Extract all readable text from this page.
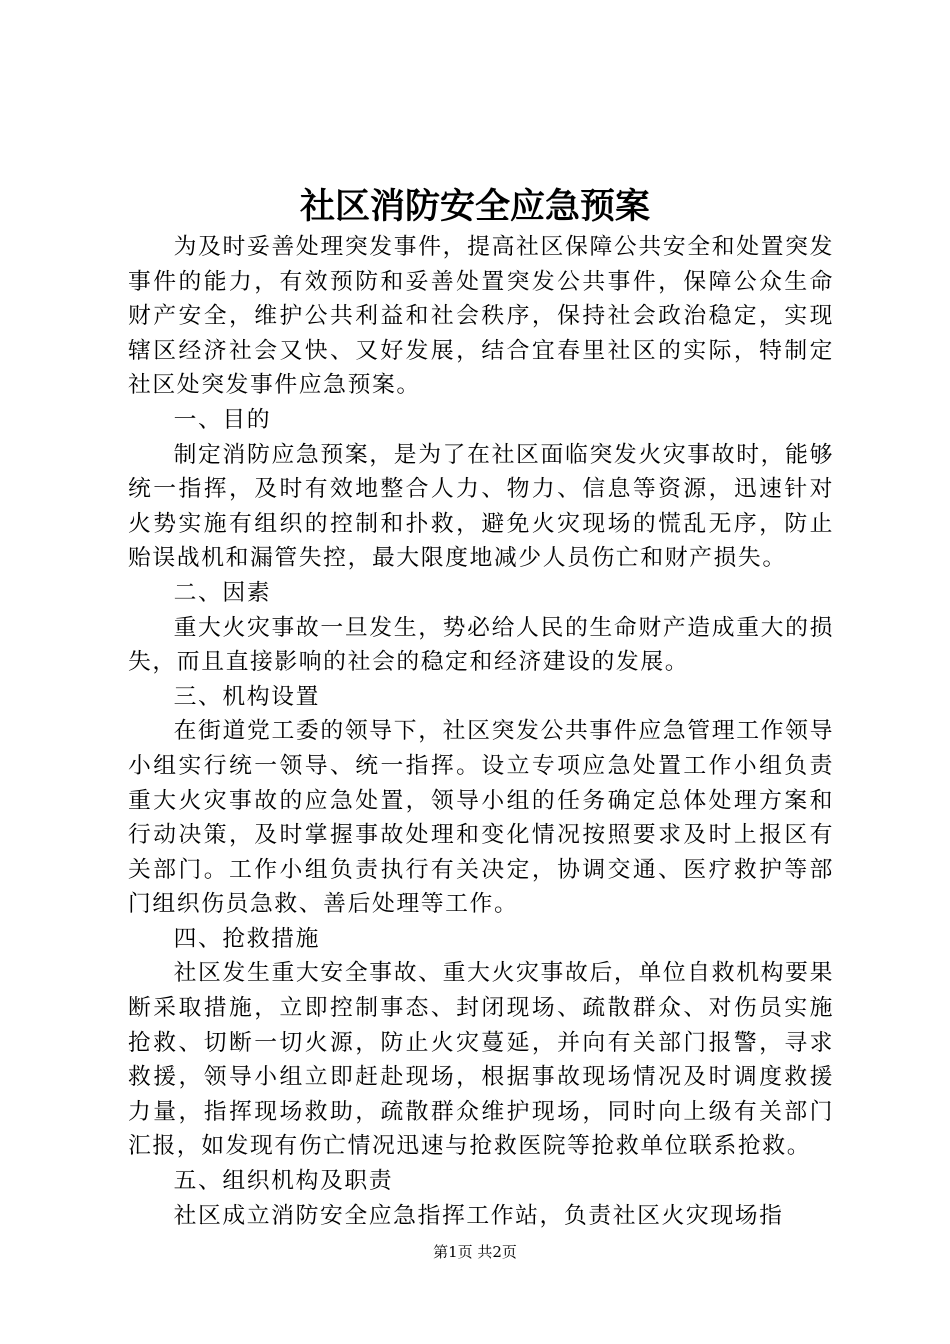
社区消防安全应急预案

为及时妥善处理突发事件，提高社区保障公共安全和处置突发事件的能力，有效预防和妥善处置突发公共事件，保障公众生命财产安全，维护公共利益和社会秩序，保持社会政治稳定，实现辖区经济社会又快、又好发展，结合宜春里社区的实际，特制定社区处突发事件应急预案。

一、目的

制定消防应急预案，是为了在社区面临突发火灾事故时，能够统一指挥，及时有效地整合人力、物力、信息等资源，迅速针对火势实施有组织的控制和扑救，避免火灾现场的慌乱无序，防止贻误战机和漏管失控，最大限度地减少人员伤亡和财产损失。

二、因素

重大火灾事故一旦发生，势必给人民的生命财产造成重大的损失，而且直接影响的社会的稳定和经济建设的发展。

三、机构设置

在街道党工委的领导下，社区突发公共事件应急管理工作领导小组实行统一领导、统一指挥。设立专项应急处置工作小组负责重大火灾事故的应急处置，领导小组的任务确定总体处理方案和行动决策，及时掌握事故处理和变化情况按照要求及时上报区有关部门。工作小组负责执行有关决定，协调交通、医疗救护等部门组织伤员急救、善后处理等工作。

四、抢救措施

社区发生重大安全事故、重大火灾事故后，单位自救机构要果断采取措施，立即控制事态、封闭现场、疏散群众、对伤员实施抢救、切断一切火源，防止火灾蔓延，并向有关部门报警，寻求救援，领导小组立即赶赴现场，根据事故现场情况及时调度救援力量，指挥现场救助，疏散群众维护现场，同时向上级有关部门汇报，如发现有伤亡情况迅速与抢救医院等抢救单位联系抢救。

五、组织机构及职责

社区成立消防安全应急指挥工作站，负责社区火灾现场指

第1页 共2页
